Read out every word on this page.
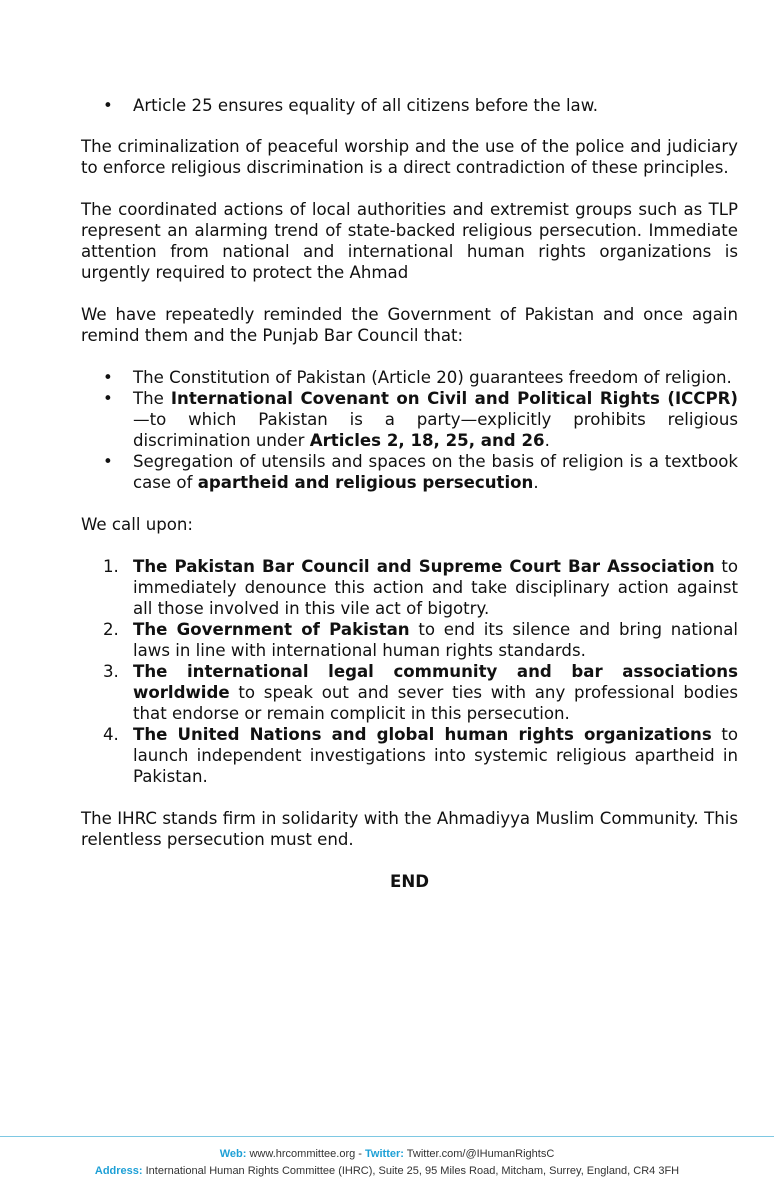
• Article 25 ensures equality of all citizens before the law.

The criminalization of peaceful worship and the use of the police and judiciary to enforce religious discrimination is a direct contradiction of these principles.

The coordinated actions of local authorities and extremist groups such as TLP represent an alarming trend of state-backed religious persecution. Immediate attention from national and international human rights organizations is urgently required to protect the Ahmad

We have repeatedly reminded the Government of Pakistan and once again remind them and the Punjab Bar Council that:

• The Constitution of Pakistan (Article 20) guarantees freedom of religion.
• The International Covenant on Civil and Political Rights (ICCPR)—to which Pakistan is a party—explicitly prohibits religious discrimination under Articles 2, 18, 25, and 26.
• Segregation of utensils and spaces on the basis of religion is a textbook case of apartheid and religious persecution.

We call upon:

1. The Pakistan Bar Council and Supreme Court Bar Association to immediately denounce this action and take disciplinary action against all those involved in this vile act of bigotry.
2. The Government of Pakistan to end its silence and bring national laws in line with international human rights standards.
3. The international legal community and bar associations worldwide to speak out and sever ties with any professional bodies that endorse or remain complicit in this persecution.
4. The United Nations and global human rights organizations to launch independent investigations into systemic religious apartheid in Pakistan.

The IHRC stands firm in solidarity with the Ahmadiyya Muslim Community. This relentless persecution must end.

END

Web: www.hrcommittee.org - Twitter: Twitter.com/@IHumanRightsC
Address: International Human Rights Committee (IHRC), Suite 25, 95 Miles Road, Mitcham, Surrey, England, CR4 3FH
